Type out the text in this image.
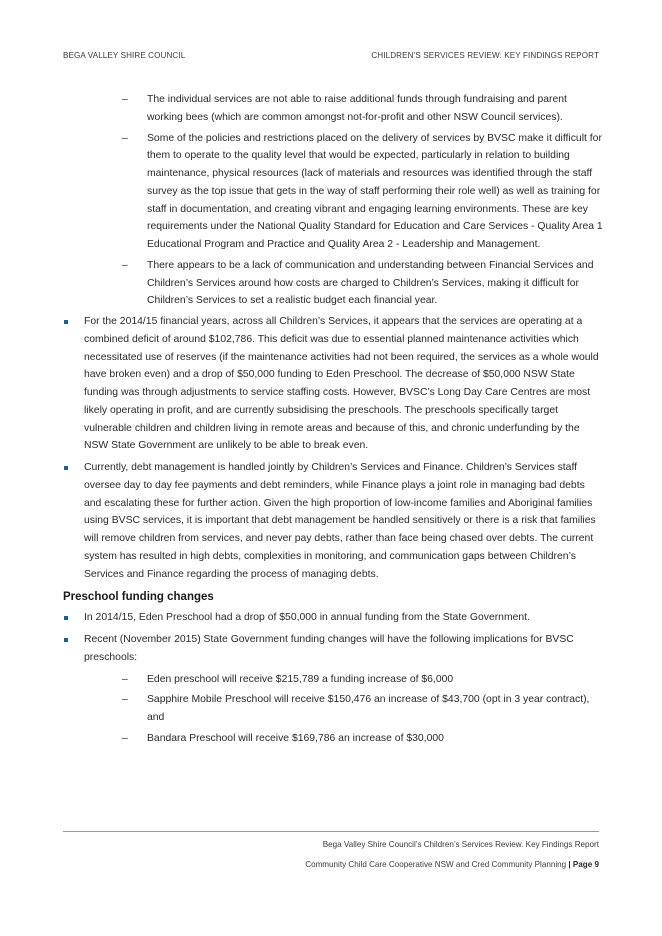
BEGA VALLEY SHIRE COUNCIL	CHILDREN’S SERVICES REVIEW: KEY FINDINGS REPORT
– The individual services are not able to raise additional funds through fundraising and parent working bees (which are common amongst not-for-profit and other NSW Council services).
– Some of the policies and restrictions placed on the delivery of services by BVSC make it difficult for them to operate to the quality level that would be expected, particularly in relation to building maintenance, physical resources (lack of materials and resources was identified through the staff survey as the top issue that gets in the way of staff performing their role well) as well as training for staff in documentation, and creating vibrant and engaging learning environments. These are key requirements under the National Quality Standard for Education and Care Services - Quality Area 1 Educational Program and Practice and Quality Area 2 - Leadership and Management.
– There appears to be a lack of communication and understanding between Financial Services and Children’s Services around how costs are charged to Children’s Services, making it difficult for Children’s Services to set a realistic budget each financial year.
For the 2014/15 financial years, across all Children’s Services, it appears that the services are operating at a combined deficit of around $102,786. This deficit was due to essential planned maintenance activities which necessitated use of reserves (if the maintenance activities had not been required, the services as a whole would have broken even) and a drop of $50,000 funding to Eden Preschool. The decrease of $50,000 NSW State funding was through adjustments to service staffing costs. However, BVSC’s Long Day Care Centres are most likely operating in profit, and are currently subsidising the preschools. The preschools specifically target vulnerable children and children living in remote areas and because of this, and chronic underfunding by the NSW State Government are unlikely to be able to break even.
Currently, debt management is handled jointly by Children’s Services and Finance. Children’s Services staff oversee day to day fee payments and debt reminders, while Finance plays a joint role in managing bad debts and escalating these for further action. Given the high proportion of low-income families and Aboriginal families using BVSC services, it is important that debt management be handled sensitively or there is a risk that families will remove children from services, and never pay debts, rather than face being chased over debts. The current system has resulted in high debts, complexities in monitoring, and communication gaps between Children’s Services and Finance regarding the process of managing debts.
Preschool funding changes
In 2014/15, Eden Preschool had a drop of $50,000 in annual funding from the State Government.
Recent (November 2015) State Government funding changes will have the following implications for BVSC preschools:
– Eden preschool will receive $215,789 a funding increase of $6,000
– Sapphire Mobile Preschool will receive $150,476 an increase of $43,700 (opt in 3 year contract), and
– Bandara Preschool will receive $169,786 an increase of $30,000
Bega Valley Shire Council’s Children’s Services Review. Key Findings Report
Community Child Care Cooperative NSW and Cred Community Planning | Page 9
